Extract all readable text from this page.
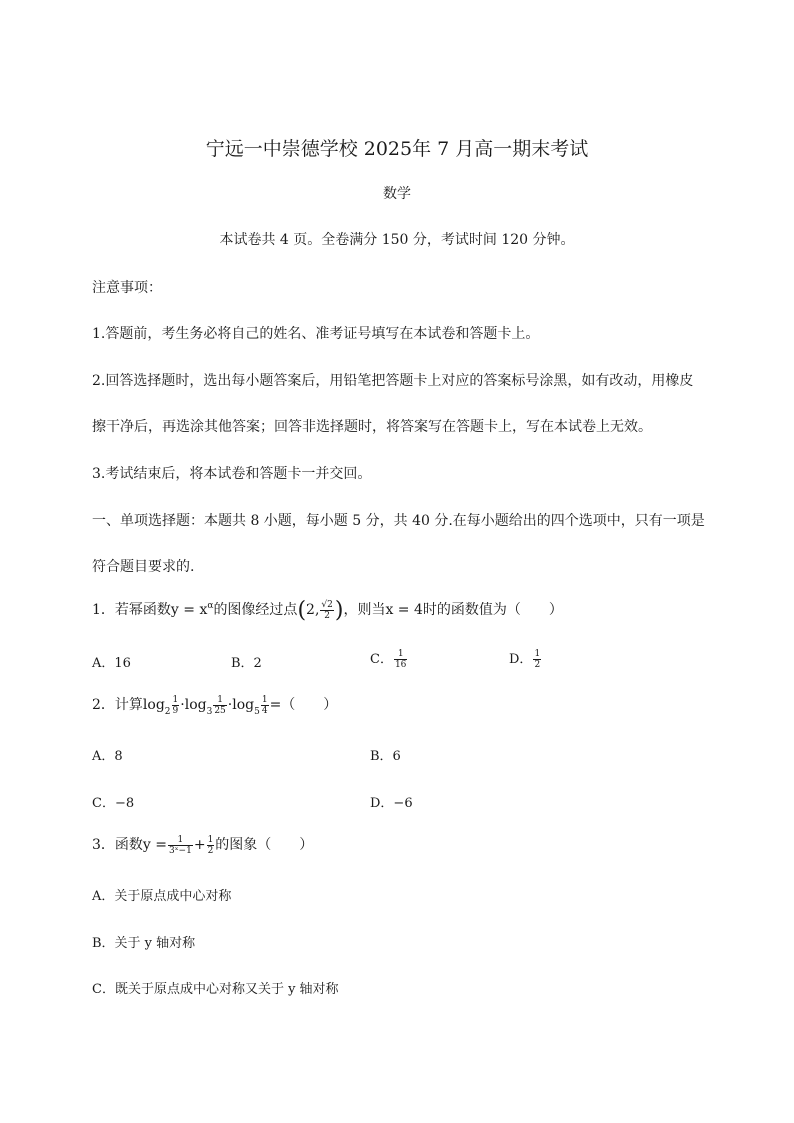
宁远一中崇德学校 2025年 7 月高一期末考试
数学
本试卷共 4 页。全卷满分 150 分，考试时间 120 分钟。
注意事项：
1.答题前，考生务必将自己的姓名、准考证号填写在本试卷和答题卡上。
2.回答选择题时，选出每小题答案后，用铅笔把答题卡上对应的答案标号涂黑，如有改动，用橡皮
擦干净后，再选涂其他答案；回答非选择题时，将答案写在答题卡上，写在本试卷上无效。
3.考试结束后，将本试卷和答题卡一并交回。
一、单项选择题：本题共 8 小题，每小题 5 分，共 40 分.在每小题给出的四个选项中，只有一项是
符合题目要求的.
1．若幂函数$y = x^\alpha$的图像经过点(2, $\frac{√2}{2}$ )，则当x = 4时的函数值为（　　）
A．16	B．2	C． $\frac{1}{16}$	D． $\frac{1}{2}$
2．计算$\log_2 \frac{1}{9} \cdot\log_3 \frac{1}{25} \cdot\log_5 \frac{1}{4}$ =（　　）
A．8	B．6
C．−8	D．−6
3．函数$y = \frac{1}{\text{3ˣ−1}} + \frac{1}{2}$ 的图象（　　）
A．关于原点成中心对称
B．关于 y 轴对称
C．既关于原点成中心对称又关于 y 轴对称
